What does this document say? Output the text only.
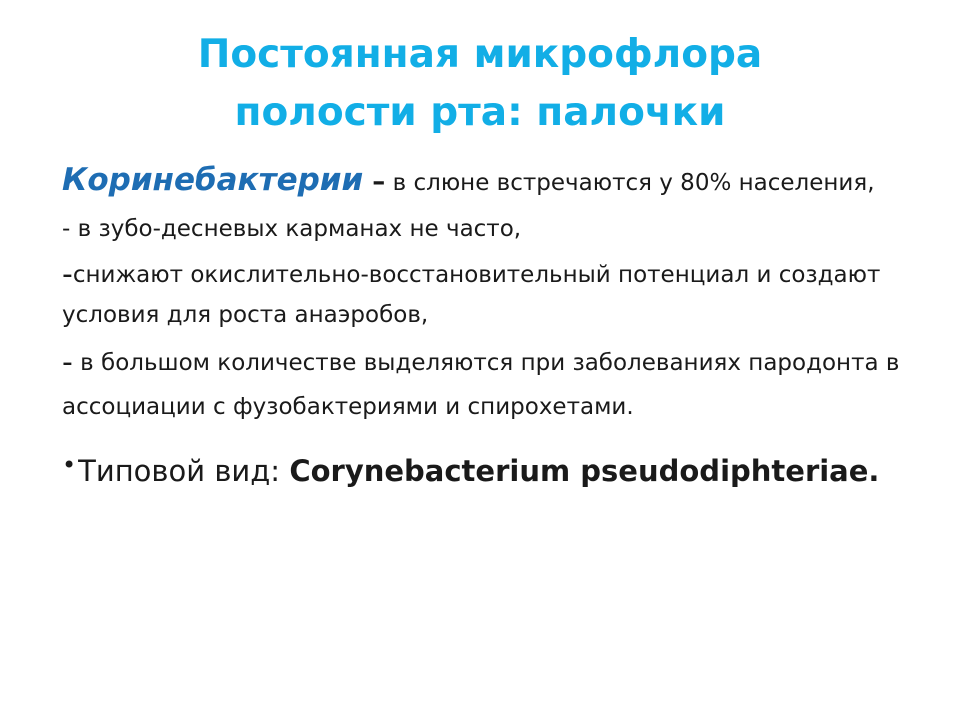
Постоянная микрофлора
полости рта: палочки

Коринебактерии – в слюне встречаются у 80% населения,

- в зубо-десневых карманах не часто,

-снижают окислительно-восстановительный потенциал и создают условия для роста анаэробов,

- в большом количестве выделяются при заболеваниях пародонта в ассоциации с фузобактериями и спирохетами.

•Типовой вид: Corynebacterium pseudodiphteriae.
